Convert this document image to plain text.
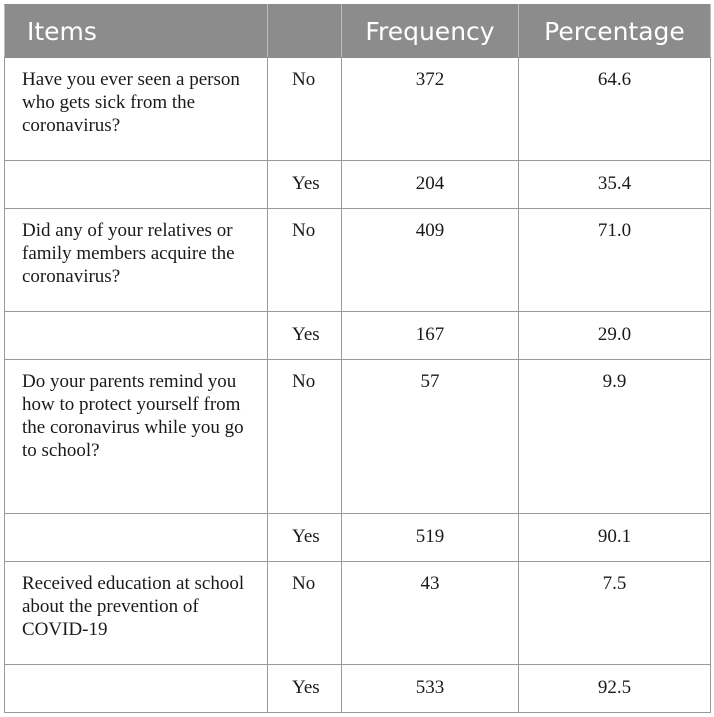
Items		Frequency	Percentage
Have you ever seen a person who gets sick from the coronavirus?	No	372	64.6
	Yes	204	35.4
Did any of your relatives or family members acquire the coronavirus?	No	409	71.0
	Yes	167	29.0
Do your parents remind you how to protect yourself from the coronavirus while you go to school?	No	57	9.9
	Yes	519	90.1
Received education at school about the prevention of COVID-19	No	43	7.5
	Yes	533	92.5
